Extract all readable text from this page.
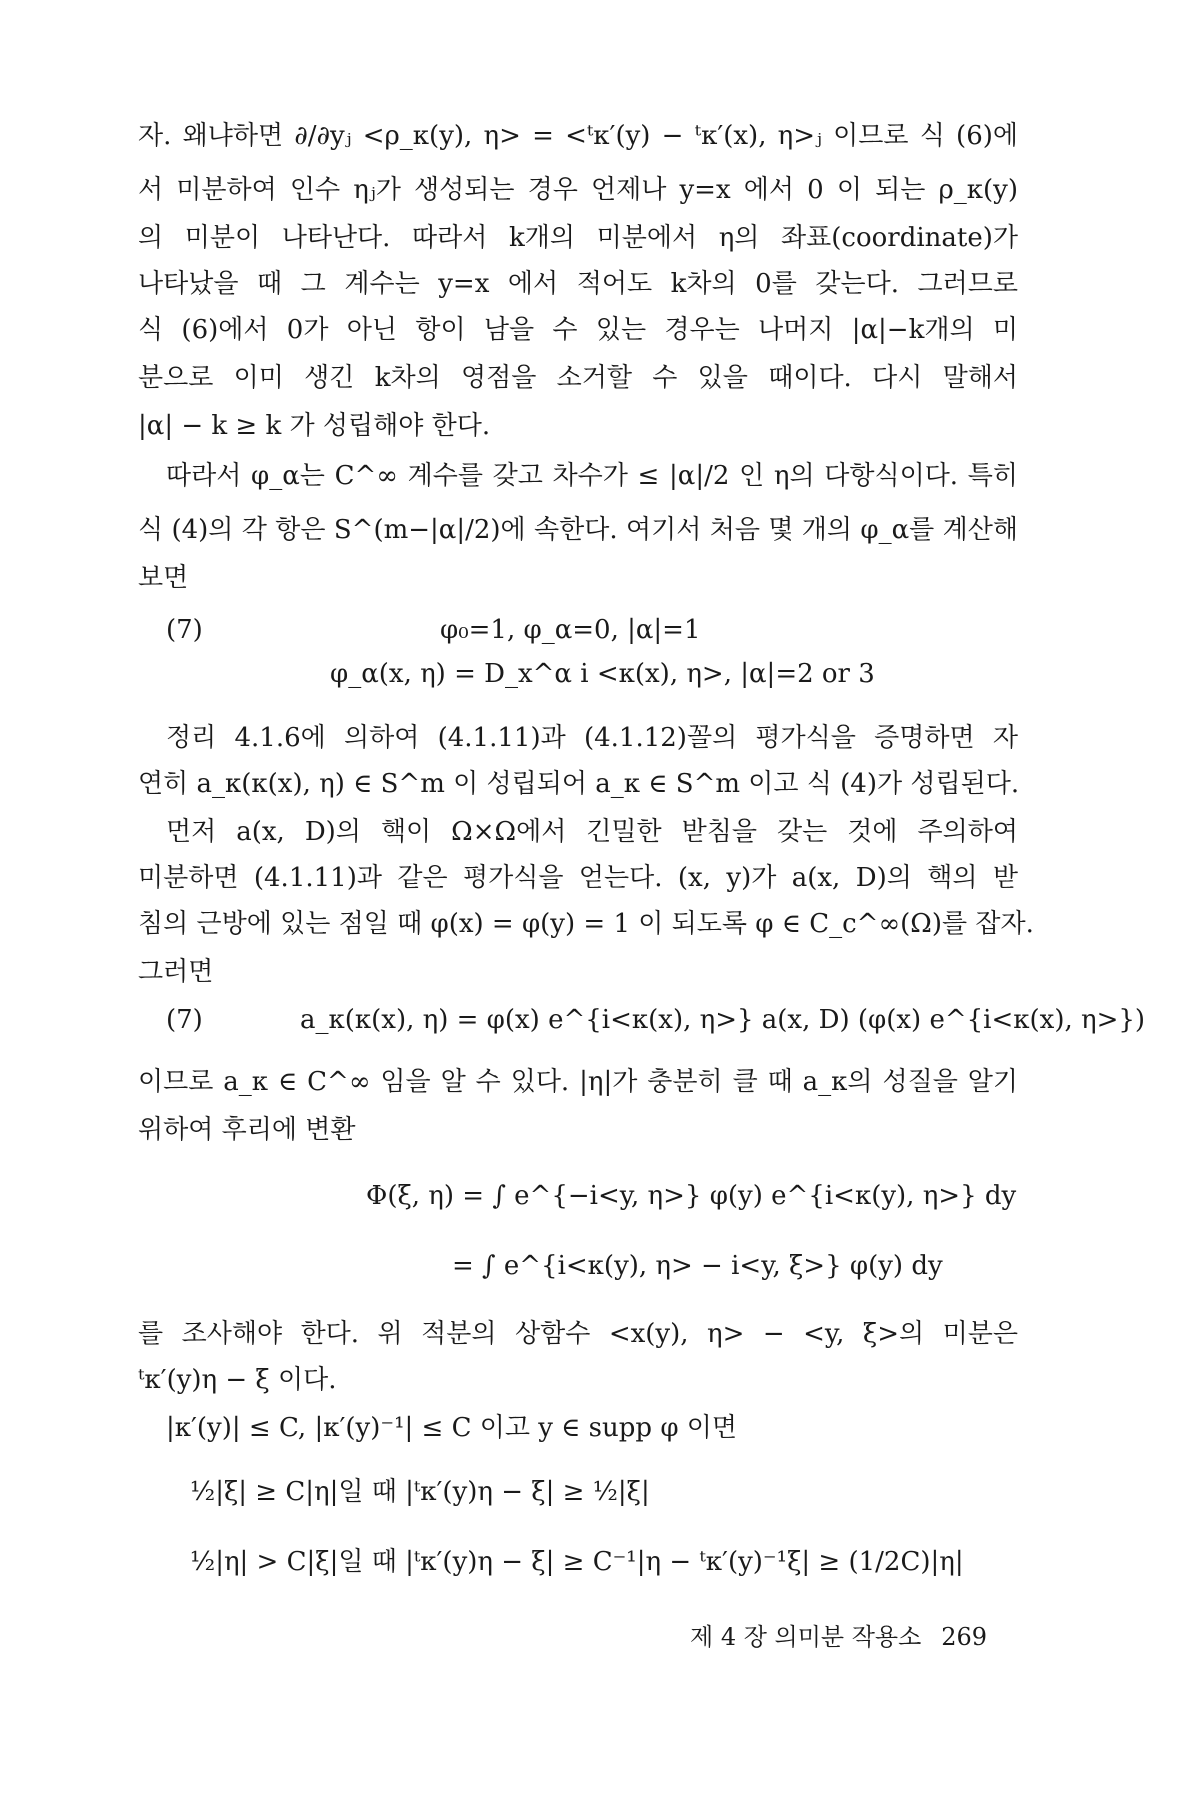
자. 왜냐하면 ∂/∂yⱼ <ρ_κ(y), η> = <ᵗκ′(y) − ᵗκ′(x), η>ⱼ 이므로 식 (6)에
서 미분하여 인수 ηⱼ가 생성되는 경우 언제나 y=x 에서 0 이 되는 ρ_κ(y)
의 미분이 나타난다. 따라서 k개의 미분에서 η의 좌표(coordinate)가
나타났을 때 그 계수는 y=x 에서 적어도 k차의 0를 갖는다. 그러므로
식 (6)에서 0가 아닌 항이 남을 수 있는 경우는 나머지 |α|−k개의 미
분으로 이미 생긴 k차의 영점을 소거할 수 있을 때이다. 다시 말해서
|α| − k ≥ k 가 성립해야 한다.
따라서 φ_α는 C^∞ 계수를 갖고 차수가 ≤ |α|/2 인 η의 다항식이다. 특히
식 (4)의 각 항은 S^(m−|α|/2)에 속한다. 여기서 처음 몇 개의 φ_α를 계산해
보면
(7)	φ₀=1, φ_α=0, |α|=1
φ_α(x, η) = D_x^α i <κ(x), η>, |α|=2 or 3
정리 4.1.6에 의하여 (4.1.11)과 (4.1.12)꼴의 평가식을 증명하면 자
연히 a_κ(κ(x), η) ∈ S^m 이 성립되어 a_κ ∈ S^m 이고 식 (4)가 성립된다.
먼저 a(x, D)의 핵이 Ω×Ω에서 긴밀한 받침을 갖는 것에 주의하여
미분하면 (4.1.11)과 같은 평가식을 얻는다. (x, y)가 a(x, D)의 핵의 받
침의 근방에 있는 점일 때 φ(x) = φ(y) = 1 이 되도록 φ ∈ C_c^∞(Ω)를 잡자.
그러면
(7)	a_κ(κ(x), η) = φ(x) e^{i<κ(x), η>} a(x, D) (φ(x) e^{i<κ(x), η>})
이므로 a_κ ∈ C^∞ 임을 알 수 있다. |η|가 충분히 클 때 a_κ의 성질을 알기
위하여 후리에 변환
Φ(ξ, η) = ∫ e^{−i<y, η>} φ(y) e^{i<κ(y), η>} dy
= ∫ e^{i<κ(y), η> − i<y, ξ>} φ(y) dy
를 조사해야 한다. 위 적분의 상함수 <x(y), η> − <y, ξ>의 미분은
ᵗκ′(y)η − ξ 이다.
|κ′(y)| ≤ C, |κ′(y)⁻¹| ≤ C 이고 y ∈ supp φ 이면
½|ξ| ≥ C|η|일 때 |ᵗκ′(y)η − ξ| ≥ ½|ξ|
½|η| > C|ξ|일 때 |ᵗκ′(y)η − ξ| ≥ C⁻¹|η − ᵗκ′(y)⁻¹ξ| ≥ (1/2C)|η|
제 4 장 의미분 작용소 269
